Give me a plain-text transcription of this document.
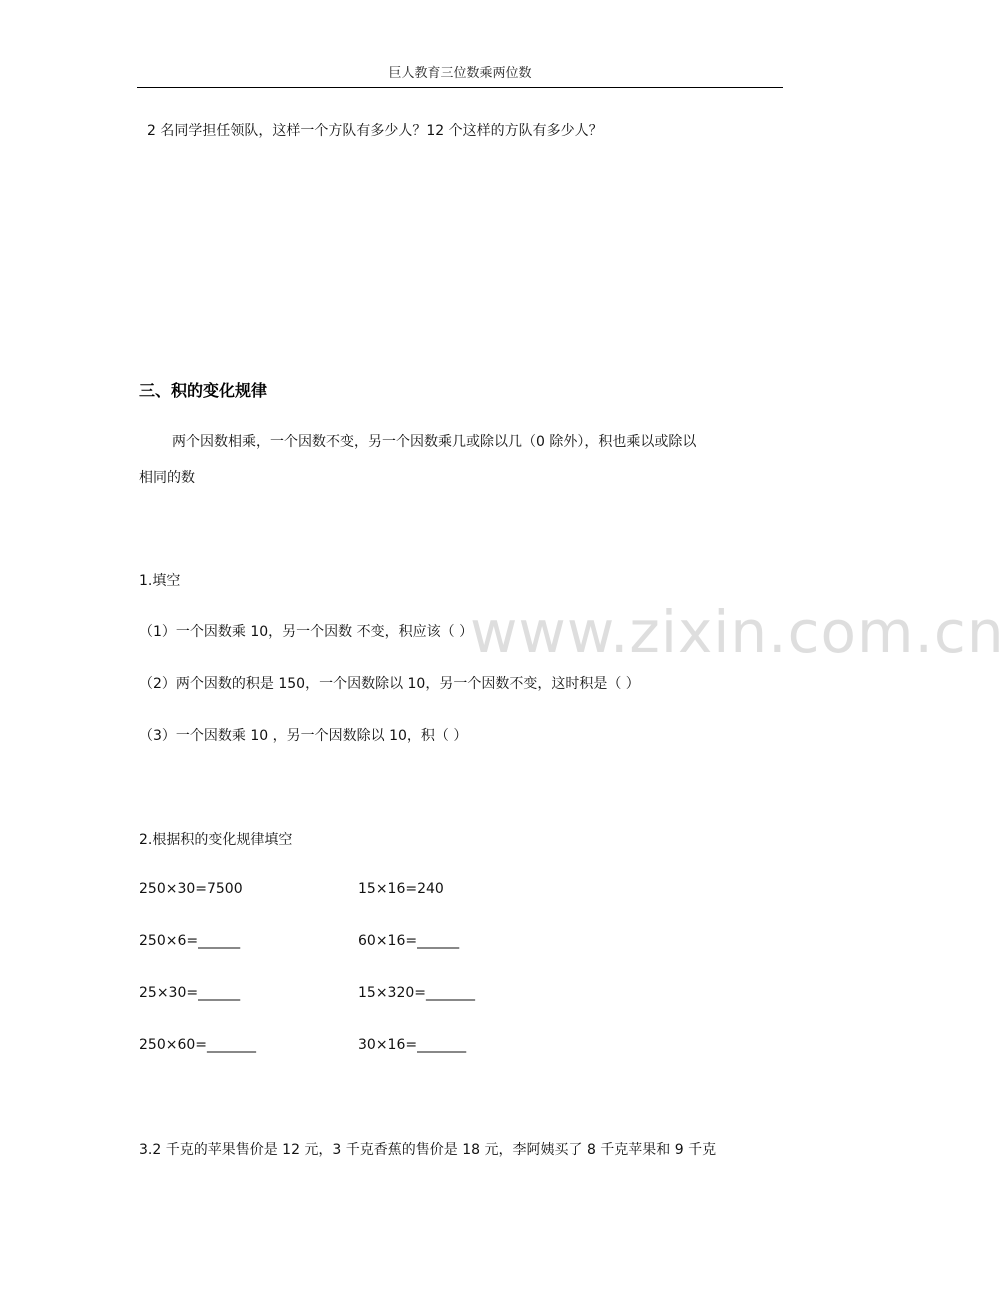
巨人教育三位数乘两位数
2 名同学担任领队，这样一个方队有多少人？12 个这样的方队有多少人？
三、积的变化规律
两个因数相乘，一个因数不变，另一个因数乘几或除以几（0 除外），积也乘以或除以
相同的数
1.填空
（1）一个因数乘 10，另一个因数 不变，积应该（ ）
（2）两个因数的积是 150，一个因数除以 10，另一个因数不变，这时积是（ ）
（3）一个因数乘 10 ，另一个因数除以 10，积（ ）
2.根据积的变化规律填空
250×30=7500	15×16=240
250×6=______	60×16=______
25×30=______	15×320=_______
250×60=_______	30×16=_______
3.2 千克的苹果售价是 12 元，3 千克香蕉的售价是 18 元，李阿姨买了 8 千克苹果和 9 千克
www.zixin.com.cn
